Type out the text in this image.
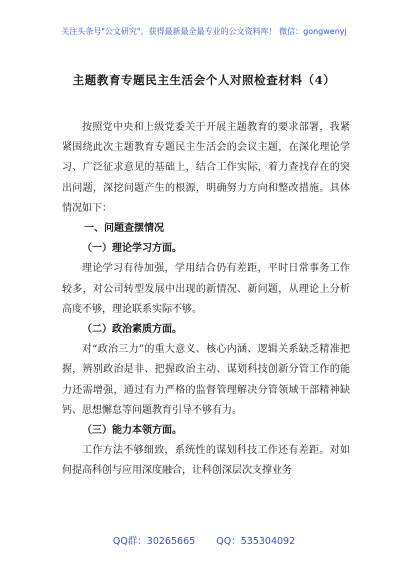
关注头条号"公文研究"，获得最新最全最专业的公文资料库！ 微信：gongwenyj
主题教育专题民主生活会个人对照检查材料（4）

按照党中央和上级党委关于开展主题教育的要求部署，我紧紧围绕此次主题教育专题民主生活会的会议主题，在深化理论学习、广泛征求意见的基础上，结合工作实际，着力查找存在的突出问题，深挖问题产生的根源，明确努力方向和整改措施。具体情况如下：

一、问题查摆情况

（一）理论学习方面。

理论学习有待加强，学用结合仍有差距，平时日常事务工作较多，对公司转型发展中出现的新情况、新问题，从理论上分析高度不够，理论联系实际不够。

（二）政治素质方面。

对“政治三力”的重大意义、核心内涵、逻辑关系缺乏精准把握，辨别政治是非、把握政治主动、谋划科技创新分管工作的能力还需增强，通过有力严格的监督管理解决分管领域干部精神缺钙、思想懈怠等问题教育引导不够有力。

（三）能力本领方面。

工作方法不够细致，系统性的谋划科技工作还有差距。对如何提高科创与应用深度融合，让科创深层次支撑业务

QQ群：30265665       QQ：535304092
